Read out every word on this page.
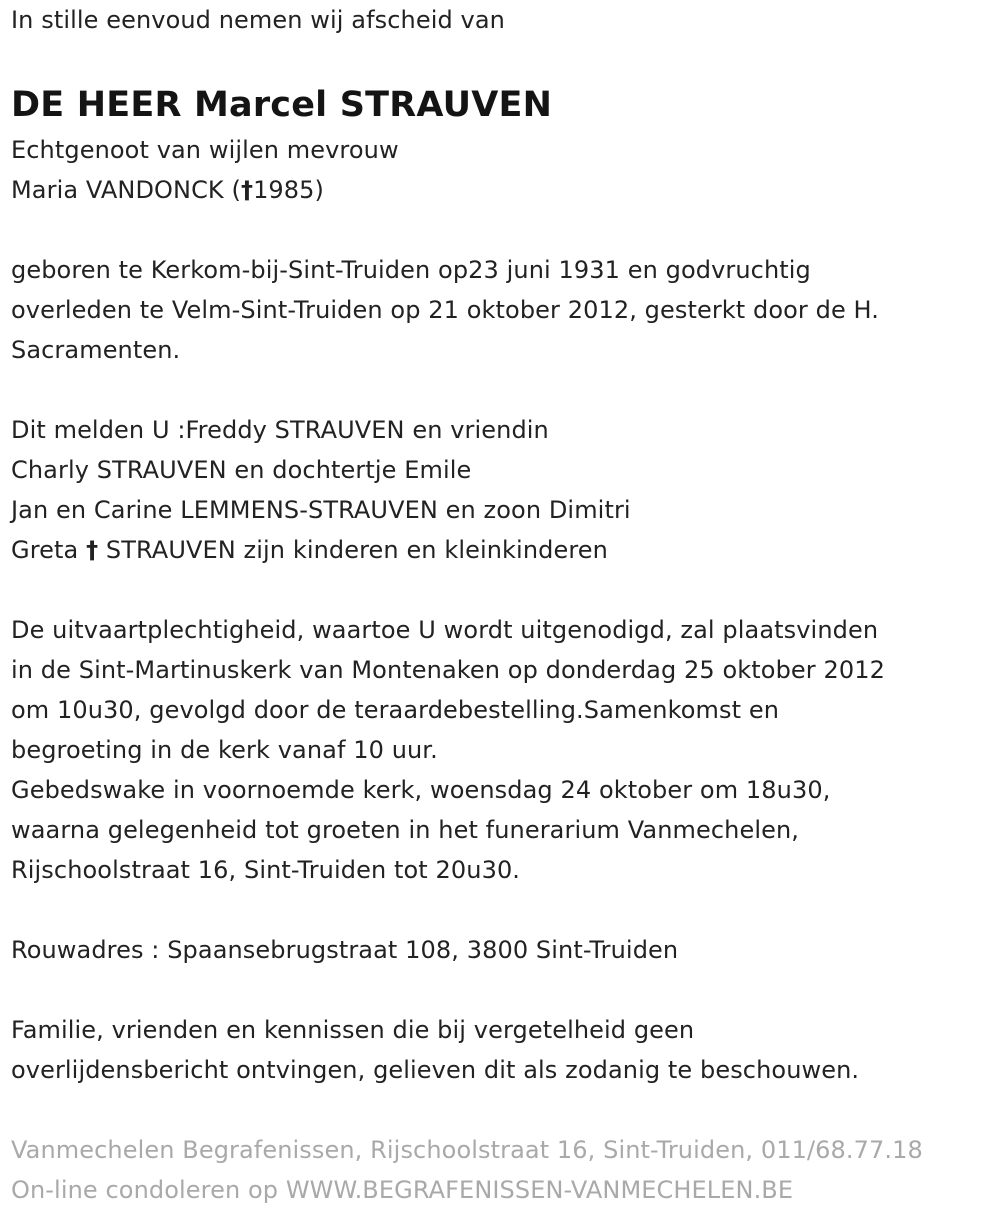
In stille eenvoud nemen wij afscheid van
DE HEER Marcel STRAUVEN
Echtgenoot van wijlen mevrouw
Maria VANDONCK (†1985)
geboren te Kerkom-bij-Sint-Truiden op23 juni 1931 en godvruchtig
overleden te Velm-Sint-Truiden op 21 oktober 2012, gesterkt door de H.
Sacramenten.
Dit melden U :Freddy STRAUVEN en vriendin
Charly STRAUVEN en dochtertje Emile
Jan en Carine LEMMENS-STRAUVEN en zoon Dimitri
Greta † STRAUVEN zijn kinderen en kleinkinderen
De uitvaartplechtigheid, waartoe U wordt uitgenodigd, zal plaatsvinden
in de Sint-Martinuskerk van Montenaken op donderdag 25 oktober 2012
om 10u30, gevolgd door de teraardebestelling.Samenkomst en
begroeting in de kerk vanaf 10 uur.
Gebedswake in voornoemde kerk, woensdag 24 oktober om 18u30,
waarna gelegenheid tot groeten in het funerarium Vanmechelen,
Rijschoolstraat 16, Sint-Truiden tot 20u30.
Rouwadres : Spaansebrugstraat 108, 3800 Sint-Truiden
Familie, vrienden en kennissen die bij vergetelheid geen
overlijdensbericht ontvingen, gelieven dit als zodanig te beschouwen.
Vanmechelen Begrafenissen, Rijschoolstraat 16, Sint-Truiden, 011/68.77.18
On-line condoleren op WWW.BEGRAFENISSEN-VANMECHELEN.BE
